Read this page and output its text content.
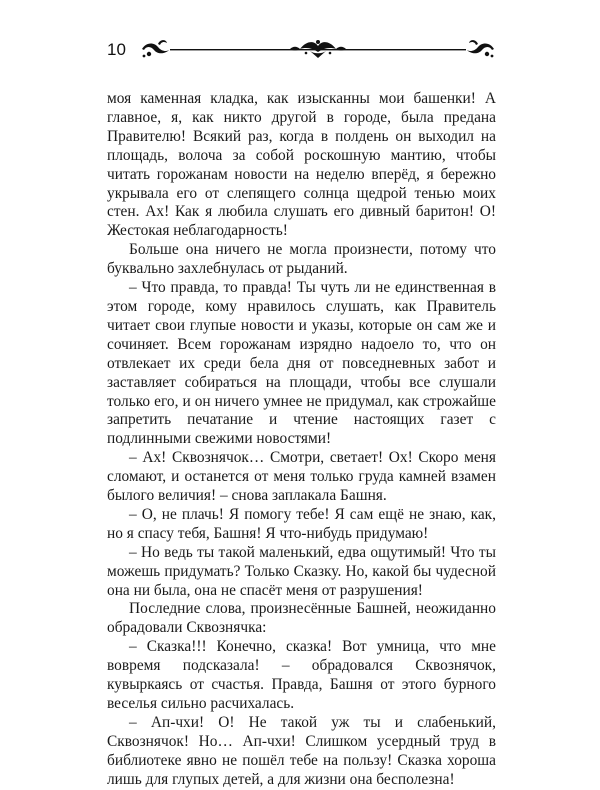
10

моя каменная кладка, как изысканны мои башенки! А главное, я, как никто другой в городе, была предана Правителю! Всякий раз, когда в полдень он выходил на площадь, волоча за собой роскошную мантию, чтобы читать горожанам новости на неделю вперёд, я бережно укрывала его от слепящего солнца щедрой тенью моих стен. Ах! Как я любила слушать его дивный баритон! О! Жестокая неблагодарность!

Больше она ничего не могла произнести, потому что буквально захлебнулась от рыданий.

– Что правда, то правда! Ты чуть ли не единственная в этом городе, кому нравилось слушать, как Правитель читает свои глупые новости и указы, которые он сам же и сочиняет. Всем горожанам изрядно надоело то, что он отвлекает их среди бела дня от повседневных забот и заставляет собираться на площади, чтобы все слушали только его, и он ничего умнее не придумал, как строжайше запретить печатание и чтение настоящих газет с подлинными свежими новостями!

– Ах! Сквознячок… Смотри, светает! Ох! Скоро меня сломают, и останется от меня только груда камней взамен былого величия! – снова заплакала Башня.

– О, не плачь! Я помогу тебе! Я сам ещё не знаю, как, но я спасу тебя, Башня! Я что-нибудь придумаю!

– Но ведь ты такой маленький, едва ощутимый! Что ты можешь придумать? Только Сказку. Но, какой бы чудесной она ни была, она не спасёт меня от разрушения!

Последние слова, произнесённые Башней, неожиданно обрадовали Сквознячка:

– Сказка!!! Конечно, сказка! Вот умница, что мне вовремя подсказала! – обрадовался Сквознячок, кувыркаясь от счастья. Правда, Башня от этого бурного веселья сильно расчихалась.

– Ап-чхи! О! Не такой уж ты и слабенький, Сквознячок! Но… Ап-чхи! Слишком усердный труд в библиотеке явно не пошёл тебе на пользу! Сказка хороша лишь для глупых детей, а для жизни она бесполезна!
